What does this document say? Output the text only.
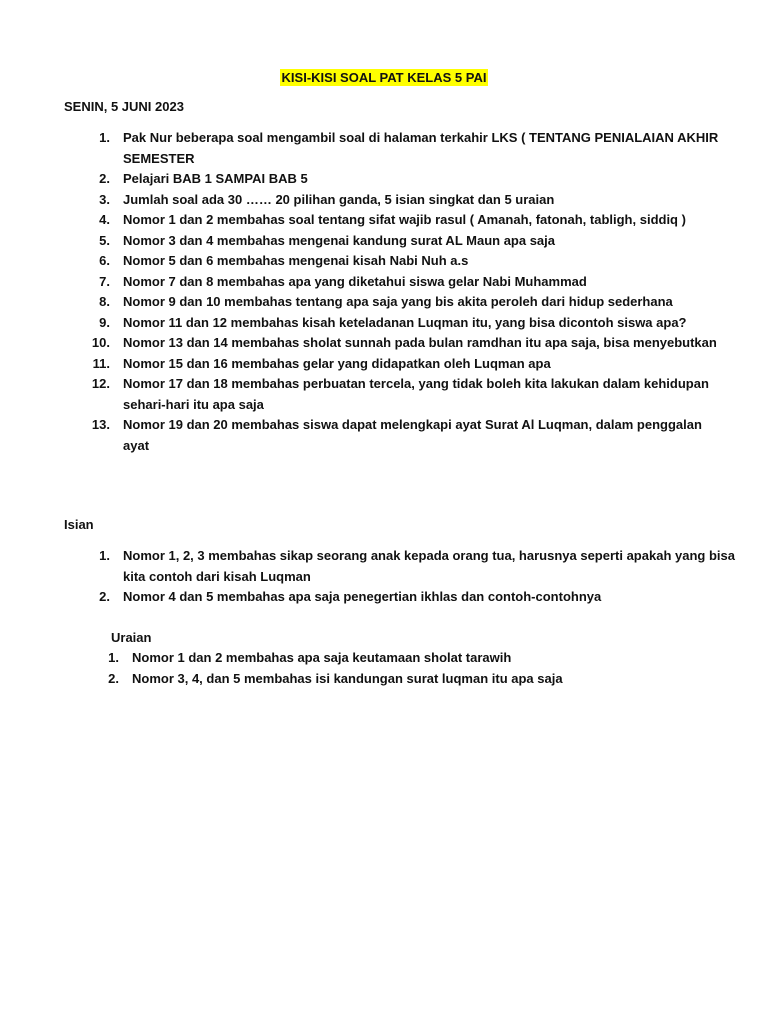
KISI-KISI SOAL PAT KELAS 5 PAI
SENIN, 5 JUNI 2023
1. Pak Nur beberapa soal mengambil soal di halaman terkahir LKS ( TENTANG PENIALAIAN AKHIR SEMESTER
2. Pelajari BAB 1 SAMPAI BAB 5
3. Jumlah soal ada 30 …… 20 pilihan ganda, 5 isian singkat dan 5 uraian
4. Nomor 1 dan 2 membahas soal tentang sifat wajib rasul ( Amanah, fatonah, tabligh, siddiq )
5. Nomor 3 dan 4 membahas mengenai kandung surat AL Maun apa saja
6. Nomor 5 dan 6 membahas mengenai kisah Nabi Nuh a.s
7. Nomor 7 dan 8 membahas apa yang diketahui siswa gelar Nabi Muhammad
8. Nomor 9 dan 10 membahas tentang apa saja yang bis akita peroleh dari hidup sederhana
9. Nomor 11 dan 12 membahas kisah keteladanan Luqman itu, yang bisa dicontoh siswa apa?
10. Nomor 13 dan 14 membahas sholat sunnah pada bulan ramdhan itu apa saja, bisa menyebutkan
11. Nomor 15 dan 16 membahas gelar yang didapatkan oleh Luqman apa
12. Nomor 17 dan 18 membahas perbuatan tercela, yang tidak boleh kita lakukan dalam kehidupan sehari-hari itu apa saja
13. Nomor 19 dan 20 membahas siswa dapat melengkapi ayat Surat Al Luqman, dalam penggalan ayat
Isian
1. Nomor 1, 2, 3 membahas sikap seorang anak kepada orang tua, harusnya seperti apakah yang bisa kita contoh dari kisah Luqman
2. Nomor 4 dan 5 membahas apa saja penegertian ikhlas dan contoh-contohnya
Uraian
1. Nomor 1 dan 2 membahas apa saja keutamaan sholat tarawih
2. Nomor 3, 4, dan 5 membahas isi kandungan surat luqman itu apa saja
